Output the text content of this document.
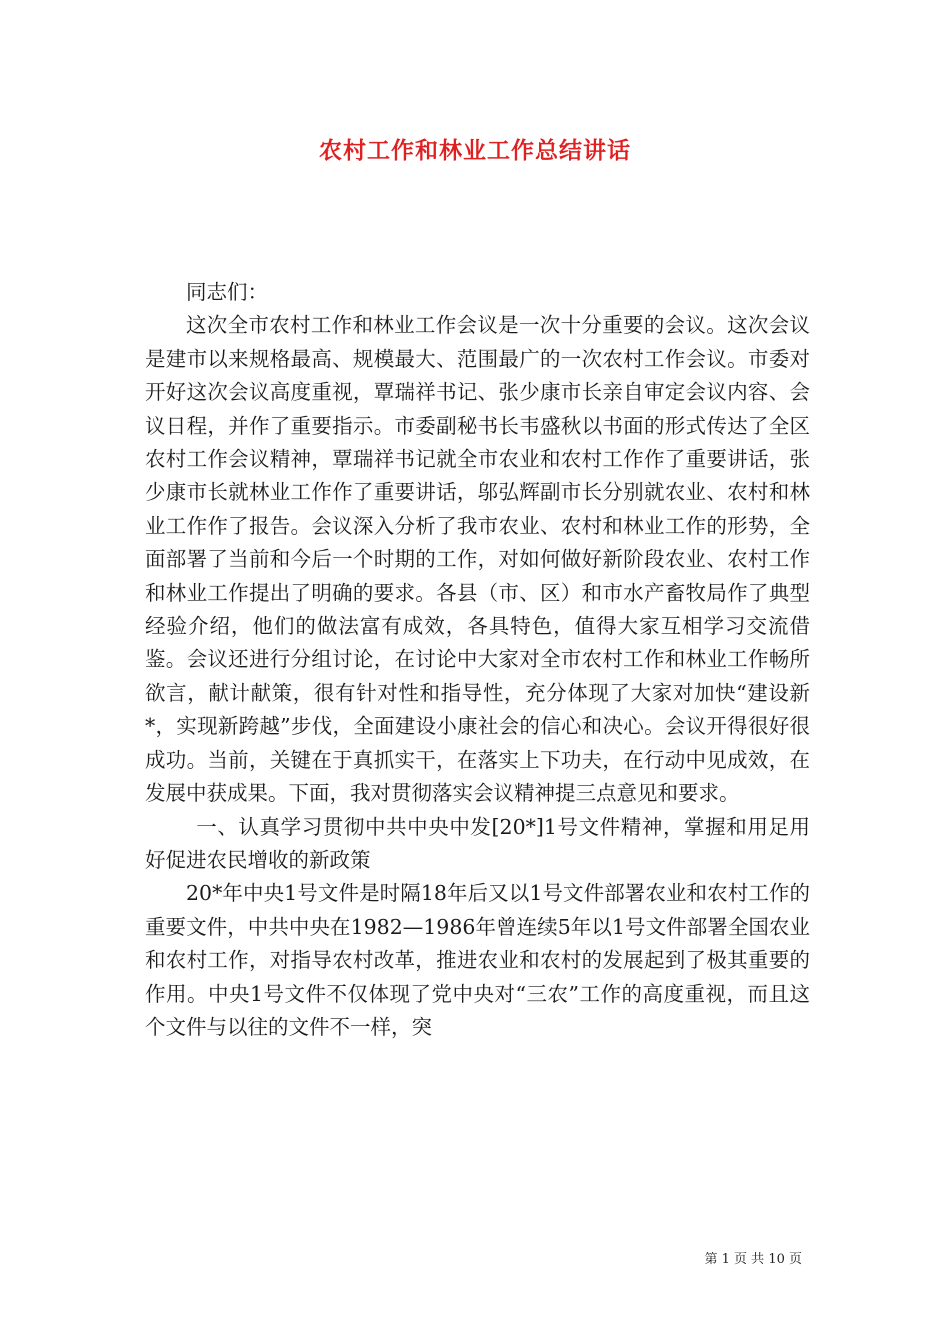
农村工作和林业工作总结讲话

同志们：

这次全市农村工作和林业工作会议是一次十分重要的会议。这次会议是建市以来规格最高、规模最大、范围最广的一次农村工作会议。市委对开好这次会议高度重视，覃瑞祥书记、张少康市长亲自审定会议内容、会议日程，并作了重要指示。市委副秘书长韦盛秋以书面的形式传达了全区农村工作会议精神，覃瑞祥书记就全市农业和农村工作作了重要讲话，张少康市长就林业工作作了重要讲话，邬弘辉副市长分别就农业、农村和林业工作作了报告。会议深入分析了我市农业、农村和林业工作的形势，全面部署了当前和今后一个时期的工作，对如何做好新阶段农业、农村工作和林业工作提出了明确的要求。各县（市、区）和市水产畜牧局作了典型经验介绍，他们的做法富有成效，各具特色，值得大家互相学习交流借鉴。会议还进行分组讨论，在讨论中大家对全市农村工作和林业工作畅所欲言，献计献策，很有针对性和指导性，充分体现了大家对加快“建设新*，实现新跨越”步伐，全面建设小康社会的信心和决心。会议开得很好很成功。当前，关键在于真抓实干，在落实上下功夫，在行动中见成效，在发展中获成果。下面，我对贯彻落实会议精神提三点意见和要求。

一、认真学习贯彻中共中央中发[20*]1号文件精神，掌握和用足用好促进农民增收的新政策

20*年中央1号文件是时隔18年后又以1号文件部署农业和农村工作的重要文件，中共中央在1982—1986年曾连续5年以1号文件部署全国农业和农村工作，对指导农村改革，推进农业和农村的发展起到了极其重要的作用。中央1号文件不仅体现了党中央对“三农”工作的高度重视，而且这个文件与以往的文件不一样，突

第 1 页 共 10 页
